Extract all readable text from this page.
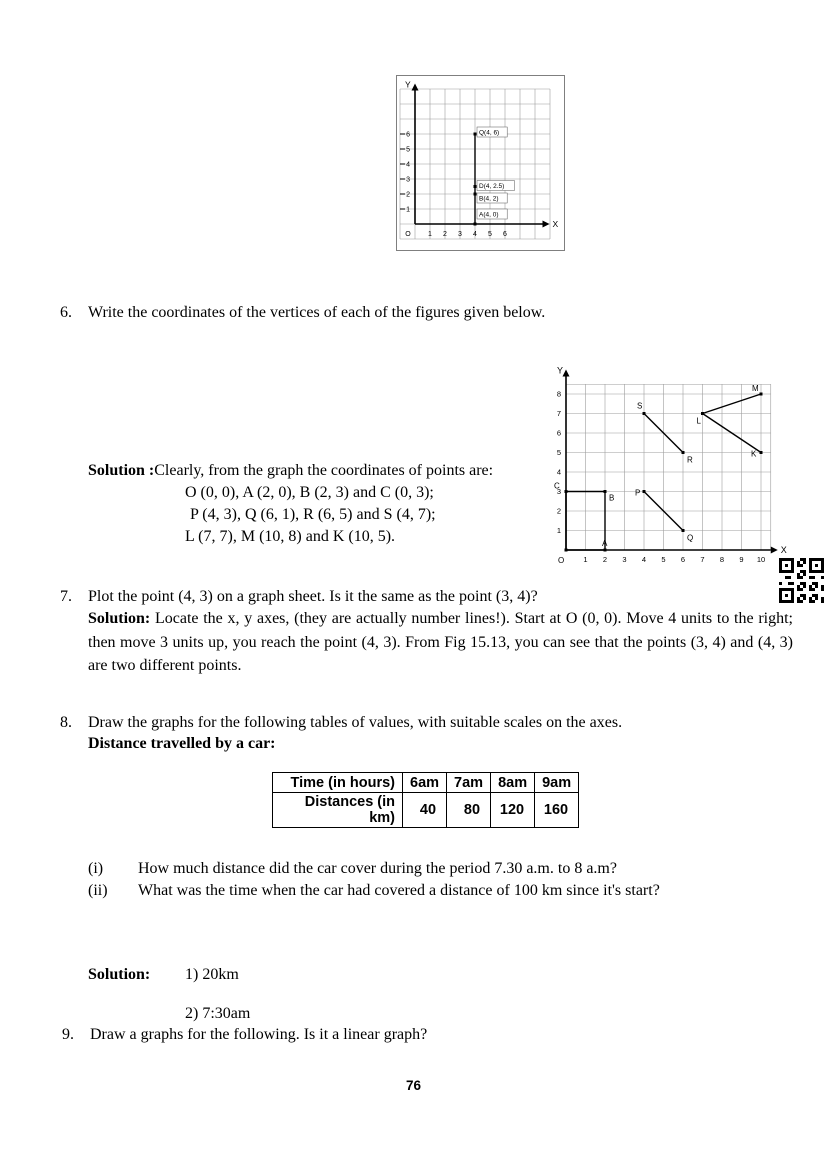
X
Y
1 2 3 4 5 6
1
2
3
4
5
6
O
Q(4, 6)
D(4, 2.5)
B(4, 2)
A(4, 0)
6.	Write the coordinates of the vertices of each of the figures given below.
X
Y
1 2 3 4 5 6 7 8 9 10
1
2
3
4
5
6
7
8
O
A
B
C
P
Q
S
R
L
M
K
Solution :Clearly, from the graph the coordinates of points are:
O (0, 0), A (2, 0), B (2, 3) and C (0, 3);
P (4, 3), Q (6, 1), R (6, 5) and S (4, 7);
L (7, 7), M (10, 8) and K (10, 5).
7.	Plot the point (4, 3) on a graph sheet. Is it the same as the point (3, 4)?

Solution: Locate the x, y axes, (they are actually number lines!). Start at O (0, 0). Move 4 units to the right; then move 3 units up, you reach the point (4, 3). From Fig 15.13, you can see that the points (3, 4) and (4, 3) are two different points.

8.	Draw the graphs for the following tables of values, with suitable scales on the axes.
Distance travelled by a car:
Time (in hours)	6am	7am	8am	9am
Distances (in km)	40	80	120	160
(i)	How much distance did the car cover during the period 7.30 a.m. to 8 a.m?
(ii)	What was the time when the car had covered a distance of 100 km since it's start?
Solution: 1) 20km
2) 7:30am
9.	Draw a graphs for the following. Is it a linear graph?
76
